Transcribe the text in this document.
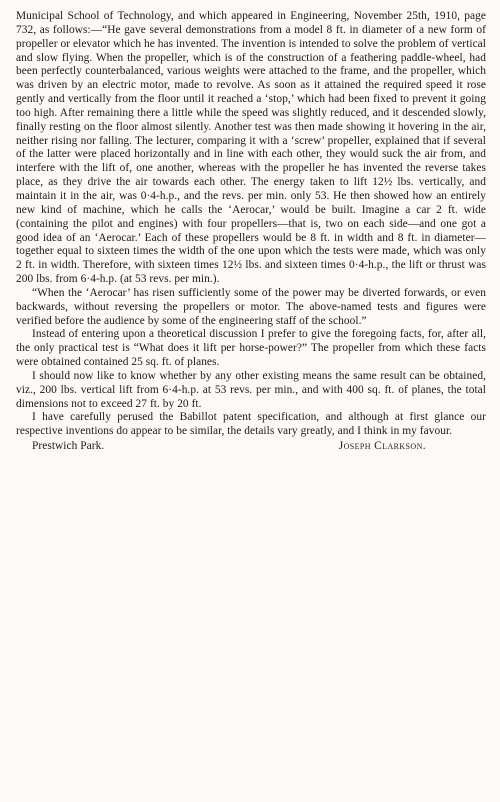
Municipal School of Technology, and which appeared in Engineering, November 25th, 1910, page 732, as follows:—“He gave several demonstrations from a model 8 ft. in diameter of a new form of propeller or elevator which he has invented. The invention is intended to solve the problem of vertical and slow flying. When the propeller, which is of the construction of a feathering paddle-wheel, had been perfectly counterbalanced, various weights were attached to the frame, and the propeller, which was driven by an electric motor, made to revolve. As soon as it attained the required speed it rose gently and vertically from the floor until it reached a ‘stop,’ which had been fixed to prevent it going too high. After remaining there a little while the speed was slightly reduced, and it descended slowly, finally resting on the floor almost silently. Another test was then made showing it hovering in the air, neither rising nor falling. The lecturer, comparing it with a ‘screw’ propeller, explained that if several of the latter were placed horizontally and in line with each other, they would suck the air from, and interfere with the lift of, one another, whereas with the propeller he has invented the reverse takes place, as they drive the air towards each other. The energy taken to lift 12½ lbs. vertically, and maintain it in the air, was 0·4-h.p., and the revs. per min. only 53. He then showed how an entirely new kind of machine, which he calls the ‘Aerocar,’ would be built. Imagine a car 2 ft. wide (containing the pilot and engines) with four propellers—that is, two on each side—and one got a good idea of an ‘Aerocar.’ Each of these propellers would be 8 ft. in width and 8 ft. in diameter—together equal to sixteen times the width of the one upon which the tests were made, which was only 2 ft. in width. Therefore, with sixteen times 12½ lbs. and sixteen times 0·4-h.p., the lift or thrust was 200 lbs. from 6·4-h.p. (at 53 revs. per min.).

“When the ‘Aerocar’ has risen sufficiently some of the power may be diverted forwards, or even backwards, without reversing the propellers or motor. The above-named tests and figures were verified before the audience by some of the engineering staff of the school.”

Instead of entering upon a theoretical discussion I prefer to give the foregoing facts, for, after all, the only practical test is “What does it lift per horse-power?” The propeller from which these facts were obtained contained 25 sq. ft. of planes.

I should now like to know whether by any other existing means the same result can be obtained, viz., 200 lbs. vertical lift from 6·4-h.p. at 53 revs. per min., and with 400 sq. ft. of planes, the total dimensions not to exceed 27 ft. by 20 ft.

I have carefully perused the Babillot patent specification, and although at first glance our respective inventions do appear to be similar, the details vary greatly, and I think in my favour.

Prestwich Park.	Joseph Clarkson.
